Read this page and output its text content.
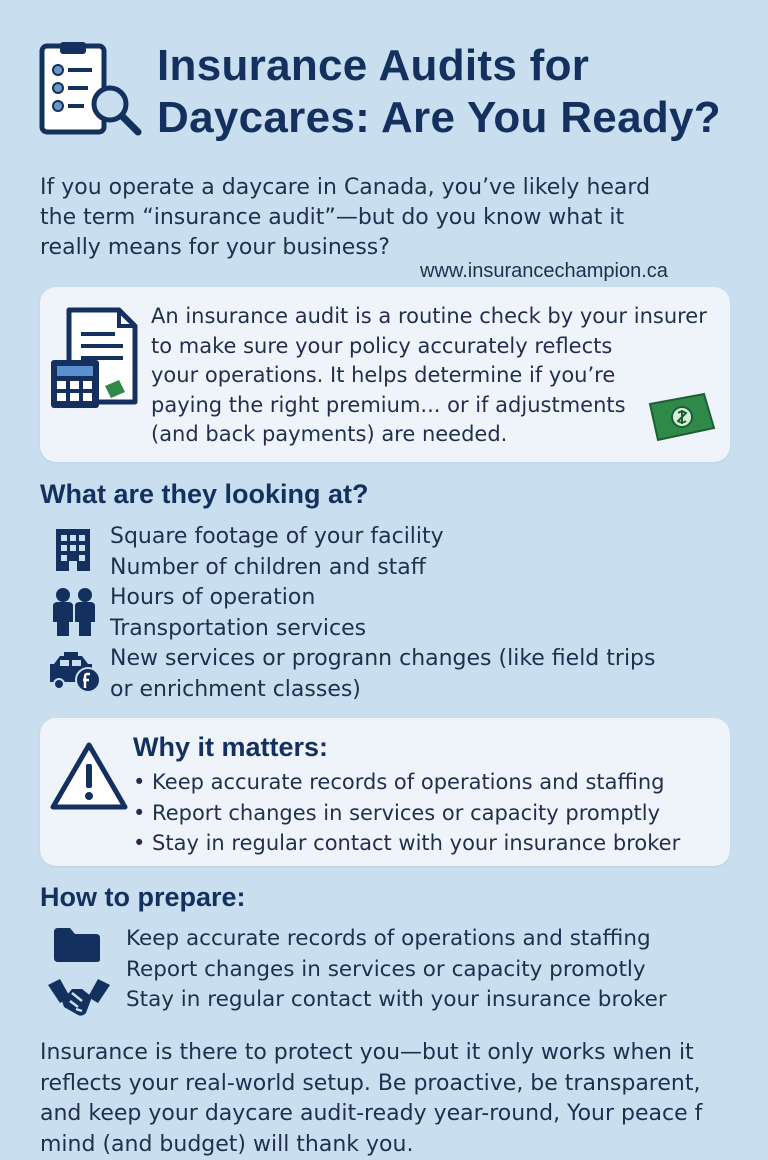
Insurance Audits for
Daycares: Are You Ready?
If you operate a daycare in Canada, you’ve likely heard
the term “insurance audit”—but do you know what it
really means for your business?
www.insurancechampion.ca
An insurance audit is a routine check by your insurer
to make sure your policy accurately reflects
your operations. It helps determine if you’re
paying the right premium... or if adjustments
(and back payments) are needed.
What are they looking at?
Square footage of your facility
Number of children and staff
Hours of operation
Transportation services
New services or progrann changes (like field trips
or enrichment classes)
Why it matters:
• Keep accurate records of operations and staffing
• Report changes in services or capacity promptly
• Stay in regular contact with your insurance broker
How to prepare:
Keep accurate records of operations and staffing
Report changes in services or capacity promotly
Stay in regular contact with your insurance broker
Insurance is there to protect you—but it only works when it
reflects your real-world setup. Be proactive, be transparent,
and keep your daycare audit-ready year-round, Your peace f
mind (and budget) will thank you.
